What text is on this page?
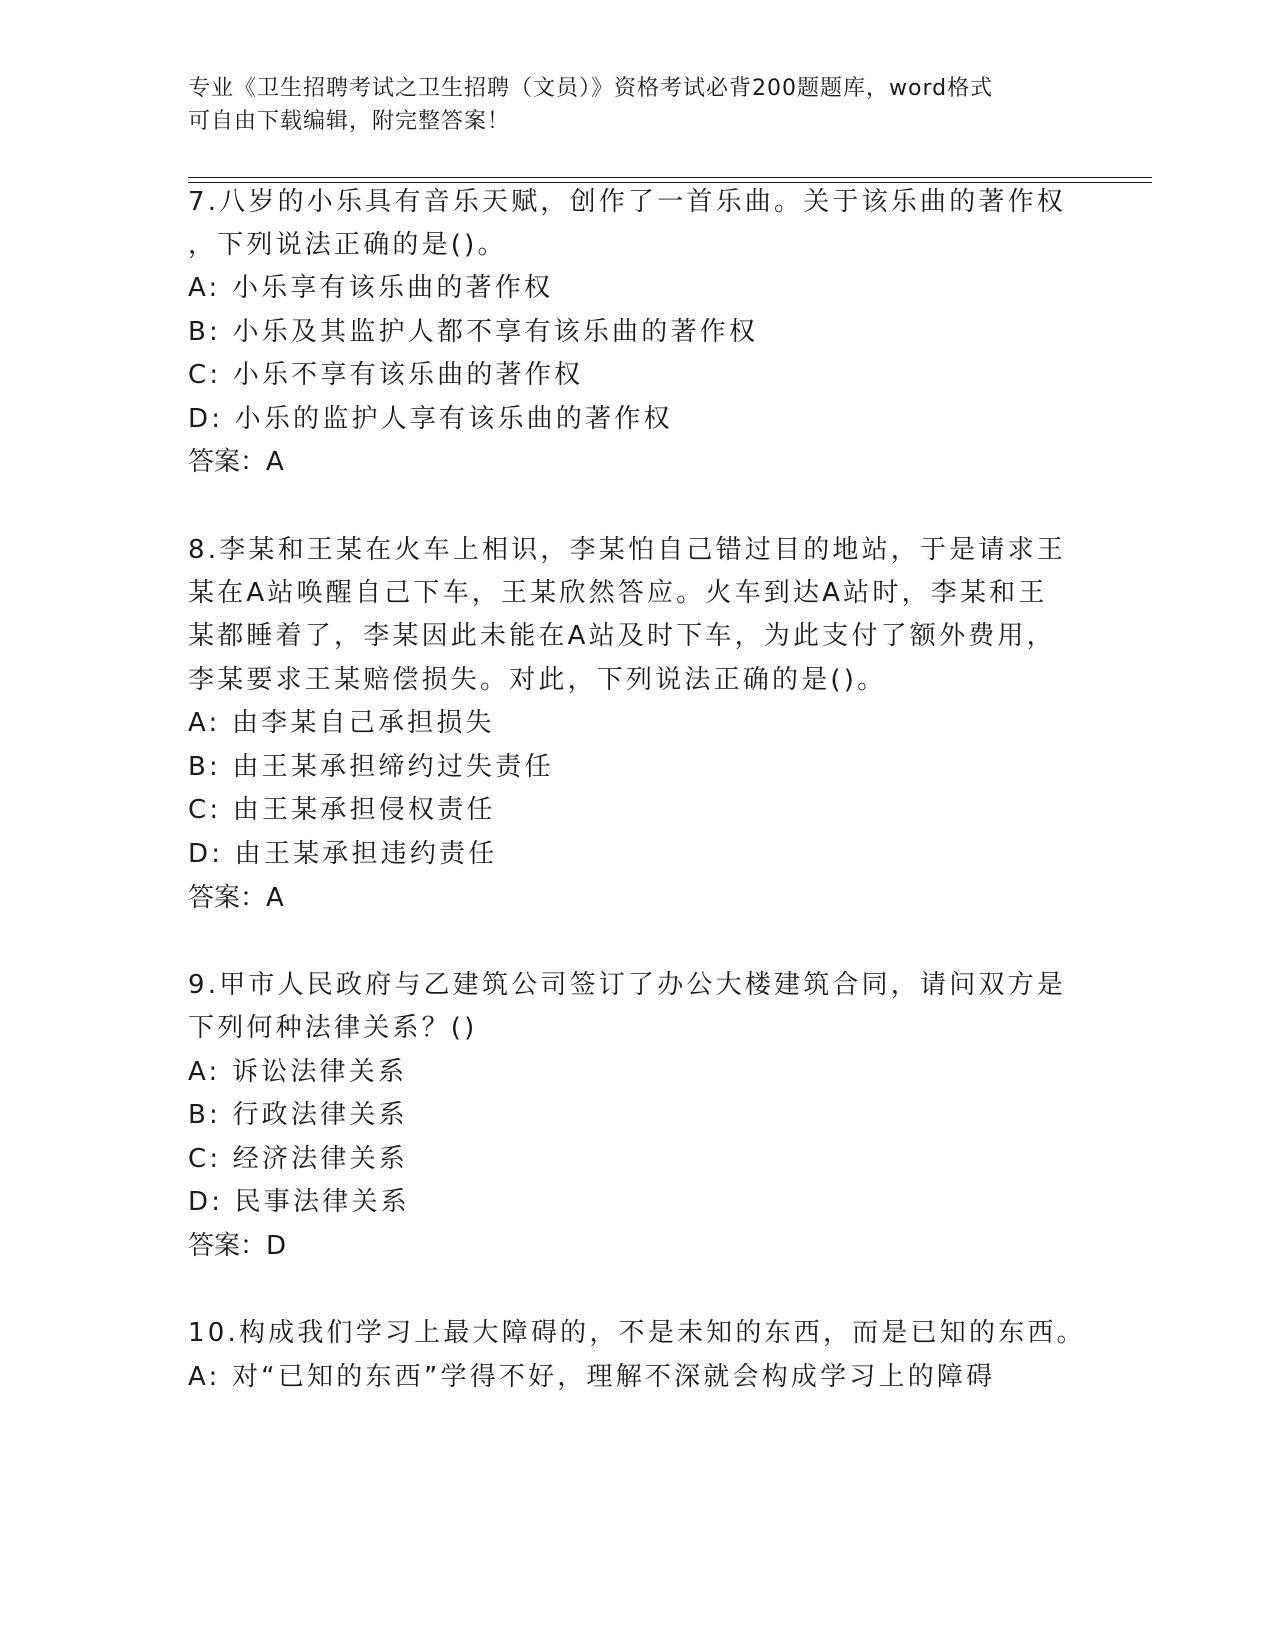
专业《卫生招聘考试之卫生招聘（文员）》资格考试必背200题题库，word格式
可自由下载编辑，附完整答案！
7.八岁的小乐具有音乐天赋，创作了一首乐曲。关于该乐曲的著作权
，下列说法正确的是()。
A: 小乐享有该乐曲的著作权
B: 小乐及其监护人都不享有该乐曲的著作权
C: 小乐不享有该乐曲的著作权
D: 小乐的监护人享有该乐曲的著作权
答案：A
8.李某和王某在火车上相识，李某怕自己错过目的地站，于是请求王
某在A站唤醒自己下车，王某欣然答应。火车到达A站时，李某和王
某都睡着了，李某因此未能在A站及时下车，为此支付了额外费用，
李某要求王某赔偿损失。对此，下列说法正确的是()。
A: 由李某自己承担损失
B: 由王某承担缔约过失责任
C: 由王某承担侵权责任
D: 由王某承担违约责任
答案：A
9.甲市人民政府与乙建筑公司签订了办公大楼建筑合同，请问双方是
下列何种法律关系？()
A: 诉讼法律关系
B: 行政法律关系
C: 经济法律关系
D: 民事法律关系
答案：D
10.构成我们学习上最大障碍的，不是未知的东西，而是已知的东西。
A: 对“已知的东西”学得不好，理解不深就会构成学习上的障碍
